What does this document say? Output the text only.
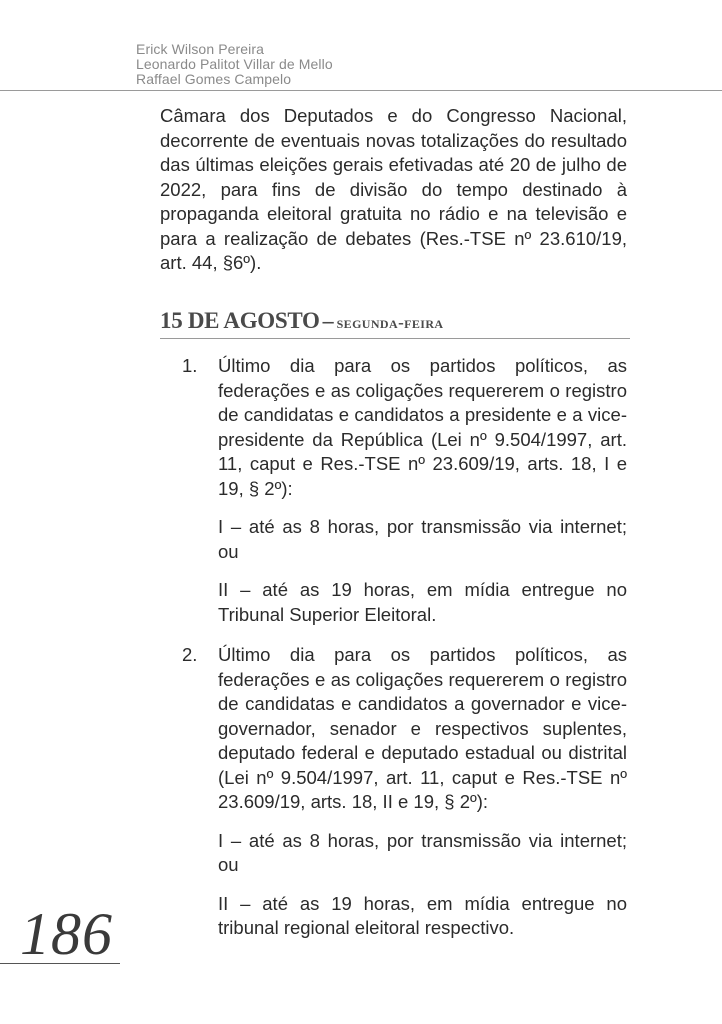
Erick Wilson Pereira
Leonardo Palitot Villar de Mello
Raffael Gomes Campelo
Câmara dos Deputados e do Congresso Nacional, decorrente de eventuais novas totalizações do resultado das últimas eleições gerais efetivadas até 20 de julho de 2022, para fins de divisão do tempo destinado à propaganda eleitoral gratuita no rádio e na televisão e para a realização de debates (Res.-TSE nº 23.610/19, art. 44, §6º).
15 DE AGOSTO – segunda-feira
1. Último dia para os partidos políticos, as federações e as coligações requererem o registro de candidatas e candidatos a presidente e a vice-presidente da República (Lei nº 9.504/1997, art. 11, caput e Res.-TSE nº 23.609/19, arts. 18, I e 19, § 2º):

I – até as 8 horas, por transmissão via internet; ou

II – até as 19 horas, em mídia entregue no Tribunal Superior Eleitoral.

2. Último dia para os partidos políticos, as federações e as coligações requererem o registro de candidatas e candidatos a governador e vice-governador, senador e respectivos suplentes, deputado federal e deputado estadual ou distrital (Lei nº 9.504/1997, art. 11, caput e Res.-TSE nº 23.609/19, arts. 18, II e 19, § 2º):

I – até as 8 horas, por transmissão via internet; ou

II – até as 19 horas, em mídia entregue no tribunal regional eleitoral respectivo.

186
